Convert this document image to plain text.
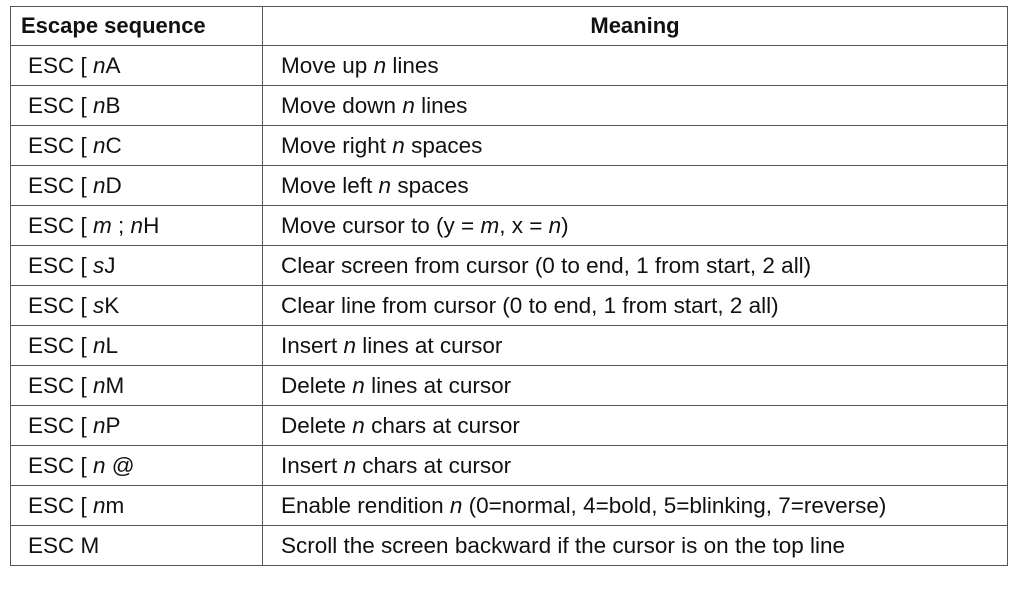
Escape sequence	Meaning
ESC [ nA	Move up n lines
ESC [ nB	Move down n lines
ESC [ nC	Move right n spaces
ESC [ nD	Move left n spaces
ESC [ m ; nH	Move cursor to (y = m, x = n)
ESC [ sJ	Clear screen from cursor (0 to end, 1 from start, 2 all)
ESC [ sK	Clear line from cursor (0 to end, 1 from start, 2 all)
ESC [ nL	Insert n lines at cursor
ESC [ nM	Delete n lines at cursor
ESC [ nP	Delete n chars at cursor
ESC [ n @	Insert n chars at cursor
ESC [ nm	Enable rendition n (0=normal, 4=bold, 5=blinking, 7=reverse)
ESC M	Scroll the screen backward if the cursor is on the top line
